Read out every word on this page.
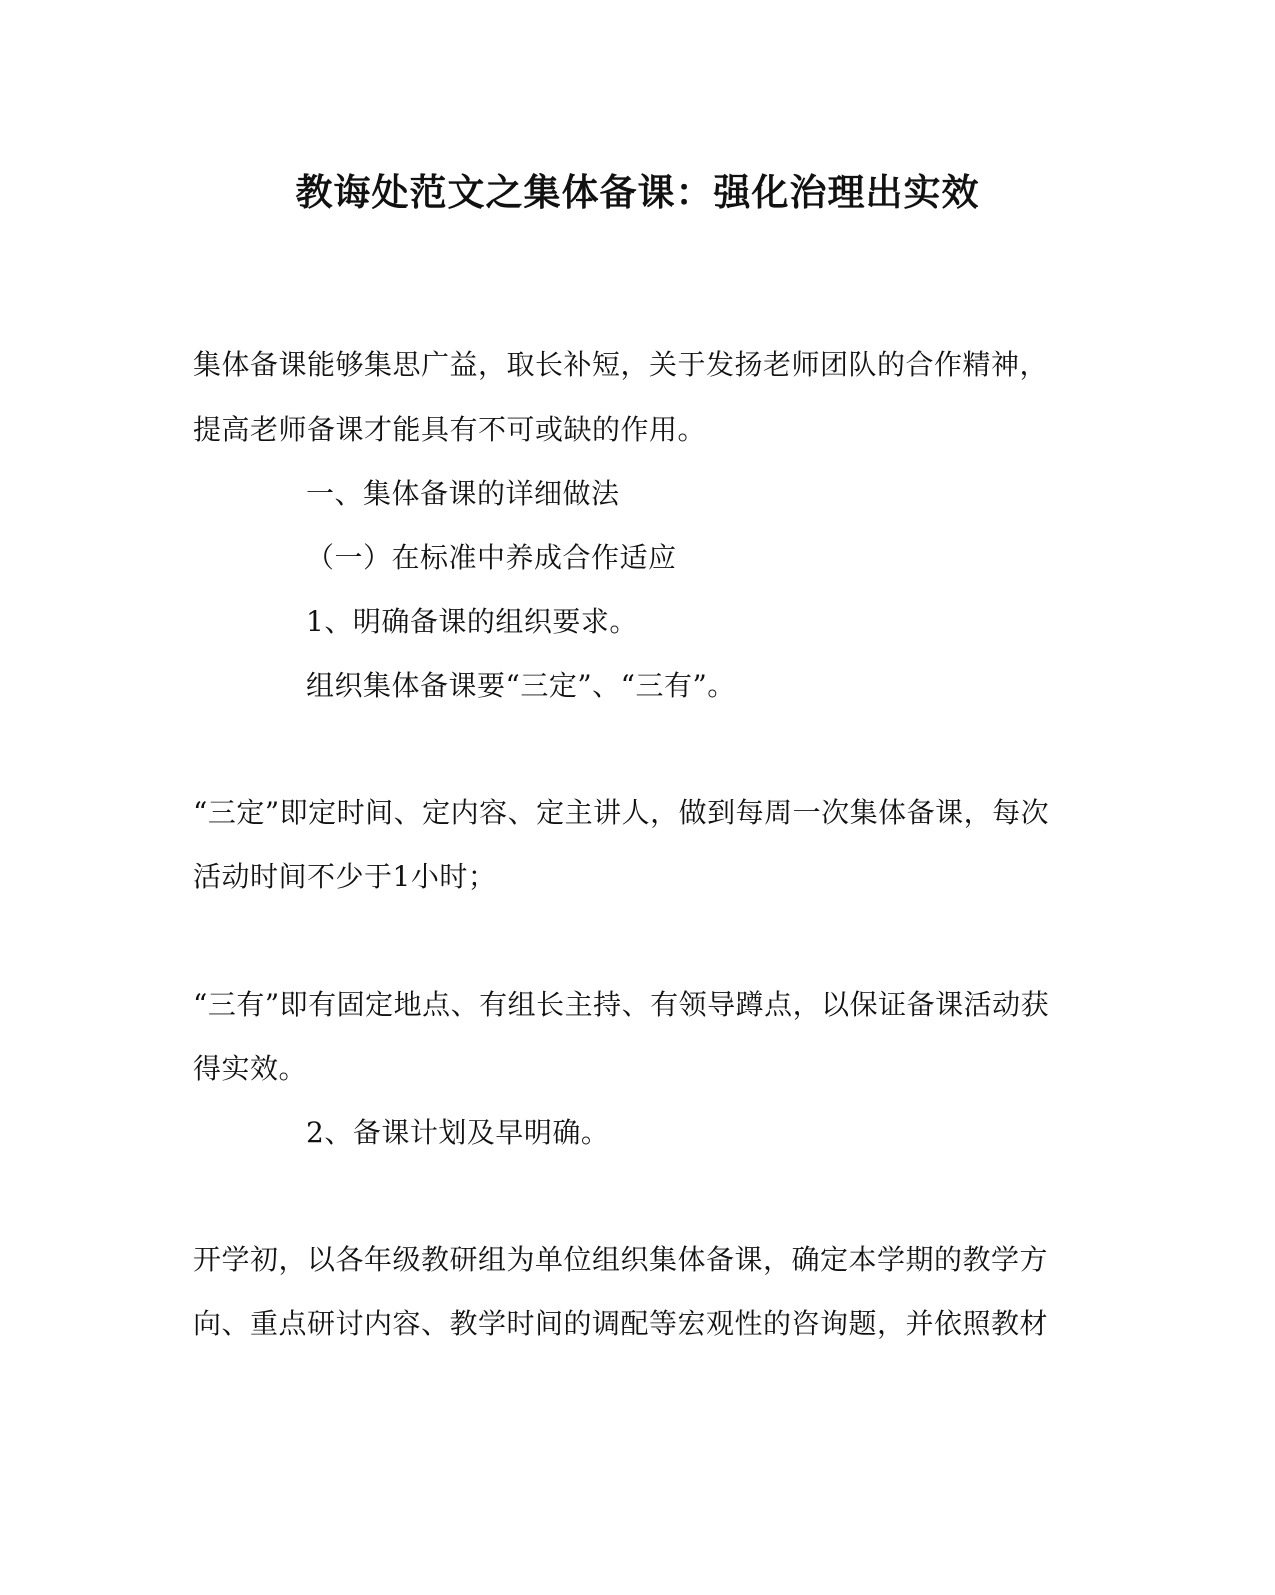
教诲处范文之集体备课：强化治理出实效
集体备课能够集思广益，取长补短，关于发扬老师团队的合作精神，
提高老师备课才能具有不可或缺的作用。
一、集体备课的详细做法
（一）在标准中养成合作适应
1、明确备课的组织要求。
组织集体备课要“三定”、“三有”。
“三定”即定时间、定内容、定主讲人，做到每周一次集体备课，每次
活动时间不少于1小时；
“三有”即有固定地点、有组长主持、有领导蹲点，以保证备课活动获
得实效。
2、备课计划及早明确。
开学初，以各年级教研组为单位组织集体备课，确定本学期的教学方
向、重点研讨内容、教学时间的调配等宏观性的咨询题，并依照教材
